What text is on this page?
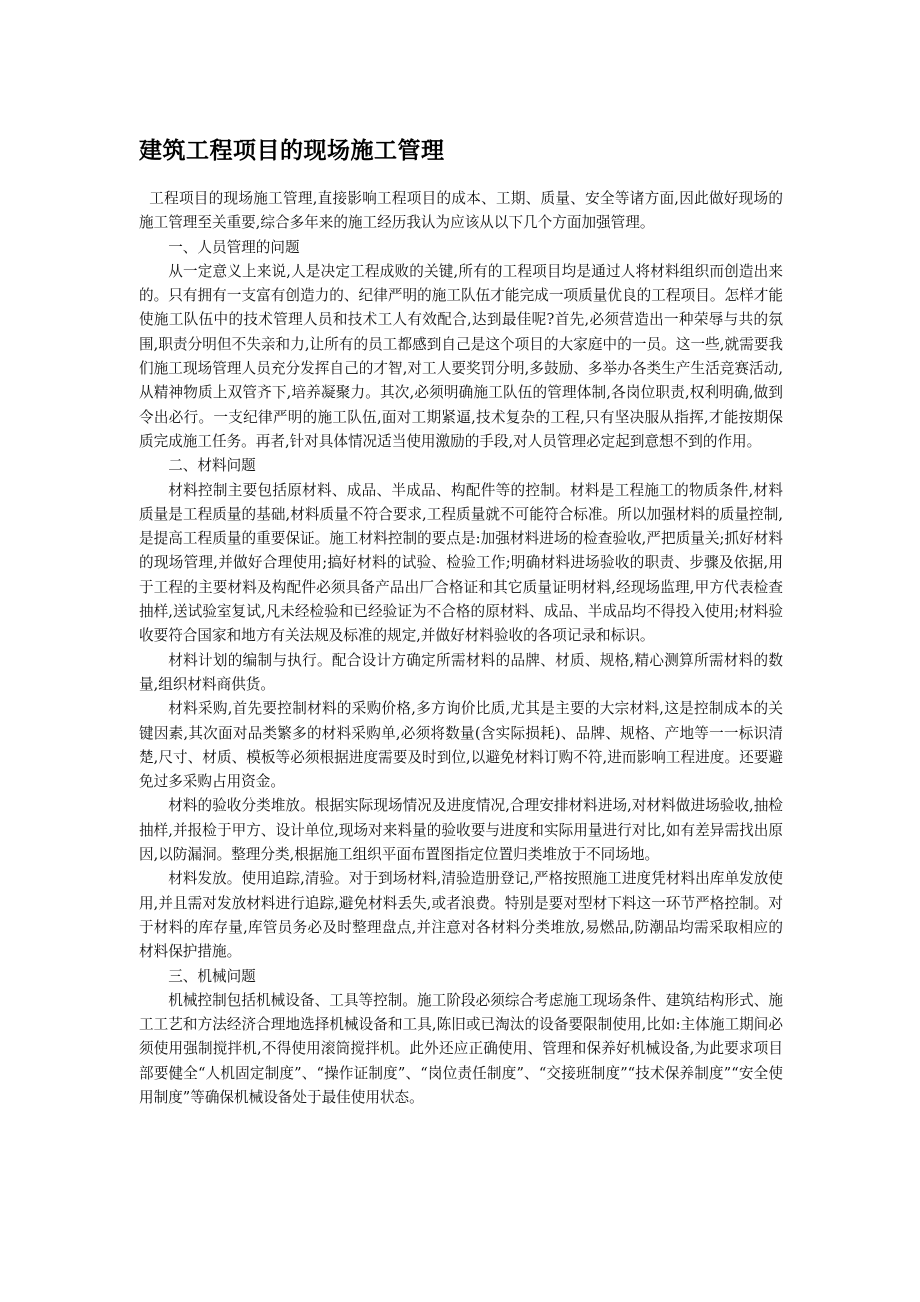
建筑工程项目的现场施工管理

工程项目的现场施工管理,直接影响工程项目的成本、工期、质量、安全等诸方面,因此做好现场的施工管理至关重要,综合多年来的施工经历我认为应该从以下几个方面加强管理。

一、人员管理的问题

从一定意义上来说,人是决定工程成败的关键,所有的工程项目均是通过人将材料组织而创造出来的。只有拥有一支富有创造力的、纪律严明的施工队伍才能完成一项质量优良的工程项目。怎样才能使施工队伍中的技术管理人员和技术工人有效配合,达到最佳呢?首先,必须营造出一种荣辱与共的氛围,职责分明但不失亲和力,让所有的员工都感到自己是这个项目的大家庭中的一员。这一些,就需要我们施工现场管理人员充分发挥自己的才智,对工人要奖罚分明,多鼓励、多举办各类生产生活竞赛活动,从精神物质上双管齐下,培养凝聚力。其次,必须明确施工队伍的管理体制,各岗位职责,权利明确,做到令出必行。一支纪律严明的施工队伍,面对工期紧逼,技术复杂的工程,只有坚决服从指挥,才能按期保质完成施工任务。再者,针对具体情况适当使用激励的手段,对人员管理必定起到意想不到的作用。

二、材料问题

材料控制主要包括原材料、成品、半成品、构配件等的控制。材料是工程施工的物质条件,材料质量是工程质量的基础,材料质量不符合要求,工程质量就不可能符合标准。所以加强材料的质量控制,是提高工程质量的重要保证。施工材料控制的要点是:加强材料进场的检查验收,严把质量关;抓好材料的现场管理,并做好合理使用;搞好材料的试验、检验工作;明确材料进场验收的职责、步骤及依据,用于工程的主要材料及构配件必须具备产品出厂合格证和其它质量证明材料,经现场监理,甲方代表检查抽样,送试验室复试,凡未经检验和已经验证为不合格的原材料、成品、半成品均不得投入使用;材料验收要符合国家和地方有关法规及标准的规定,并做好材料验收的各项记录和标识。

材料计划的编制与执行。配合设计方确定所需材料的品牌、材质、规格,精心测算所需材料的数量,组织材料商供货。

材料采购,首先要控制材料的采购价格,多方询价比质,尤其是主要的大宗材料,这是控制成本的关键因素,其次面对品类繁多的材料采购单,必须将数量(含实际损耗)、品牌、规格、产地等一一标识清楚,尺寸、材质、模板等必须根据进度需要及时到位,以避免材料订购不符,进而影响工程进度。还要避免过多采购占用资金。

材料的验收分类堆放。根据实际现场情况及进度情况,合理安排材料进场,对材料做进场验收,抽检抽样,并报检于甲方、设计单位,现场对来料量的验收要与进度和实际用量进行对比,如有差异需找出原因,以防漏洞。整理分类,根据施工组织平面布置图指定位置归类堆放于不同场地。

材料发放。使用追踪,清验。对于到场材料,清验造册登记,严格按照施工进度凭材料出库单发放使用,并且需对发放材料进行追踪,避免材料丢失,或者浪费。特别是要对型材下料这一环节严格控制。对于材料的库存量,库管员务必及时整理盘点,并注意对各材料分类堆放,易燃品,防潮品均需采取相应的材料保护措施。

三、机械问题

机械控制包括机械设备、工具等控制。施工阶段必须综合考虑施工现场条件、建筑结构形式、施工工艺和方法经济合理地选择机械设备和工具,陈旧或已淘汰的设备要限制使用,比如:主体施工期间必须使用强制搅拌机,不得使用滚筒搅拌机。此外还应正确使用、管理和保养好机械设备,为此要求项目部要健全“人机固定制度”、“操作证制度”、“岗位责任制度”、“交接班制度”“技术保养制度”“安全使用制度”等确保机械设备处于最佳使用状态。
